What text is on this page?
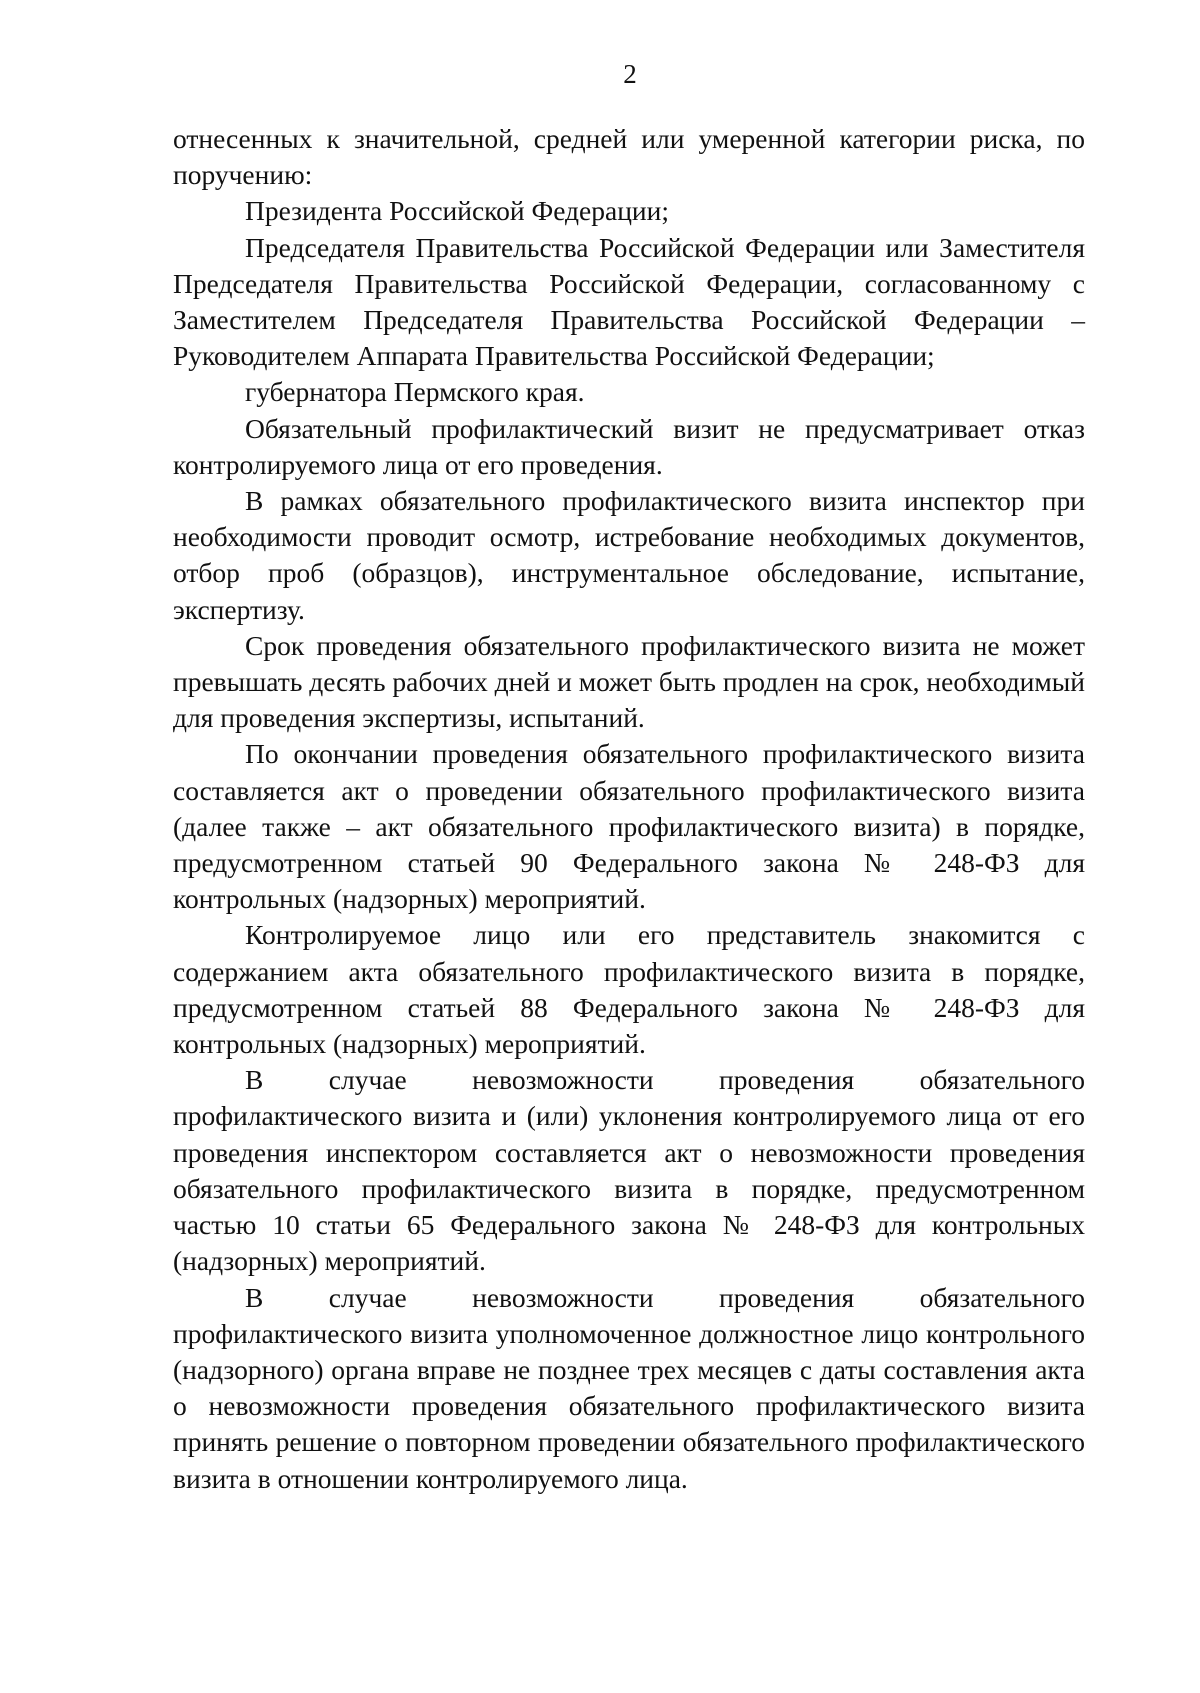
2

отнесенных к значительной, средней или умеренной категории риска, по поручению:

Президента Российской Федерации;

Председателя Правительства Российской Федерации или Заместителя Председателя Правительства Российской Федерации, согласованному с Заместителем Председателя Правительства Российской Федерации – Руководителем Аппарата Правительства Российской Федерации;

губернатора Пермского края.

Обязательный профилактический визит не предусматривает отказ контролируемого лица от его проведения.

В рамках обязательного профилактического визита инспектор при необходимости проводит осмотр, истребование необходимых документов, отбор проб (образцов), инструментальное обследование, испытание, экспертизу.

Срок проведения обязательного профилактического визита не может превышать десять рабочих дней и может быть продлен на срок, необходимый для проведения экспертизы, испытаний.

По окончании проведения обязательного профилактического визита составляется акт о проведении обязательного профилактического визита (далее также – акт обязательного профилактического визита) в порядке, предусмотренном статьей 90 Федерального закона № 248-ФЗ для контрольных (надзорных) мероприятий.

Контролируемое лицо или его представитель знакомится с содержанием акта обязательного профилактического визита в порядке, предусмотренном статьей 88 Федерального закона № 248-ФЗ для контрольных (надзорных) мероприятий.

В случае невозможности проведения обязательного профилактического визита и (или) уклонения контролируемого лица от его проведения инспектором составляется акт о невозможности проведения обязательного профилактического визита в порядке, предусмотренном частью 10 статьи 65 Федерального закона № 248-ФЗ для контрольных (надзорных) мероприятий.

В случае невозможности проведения обязательного профилактического визита уполномоченное должностное лицо контрольного (надзорного) органа вправе не позднее трех месяцев с даты составления акта о невозможности проведения обязательного профилактического визита принять решение о повторном проведении обязательного профилактического визита в отношении контролируемого лица.
